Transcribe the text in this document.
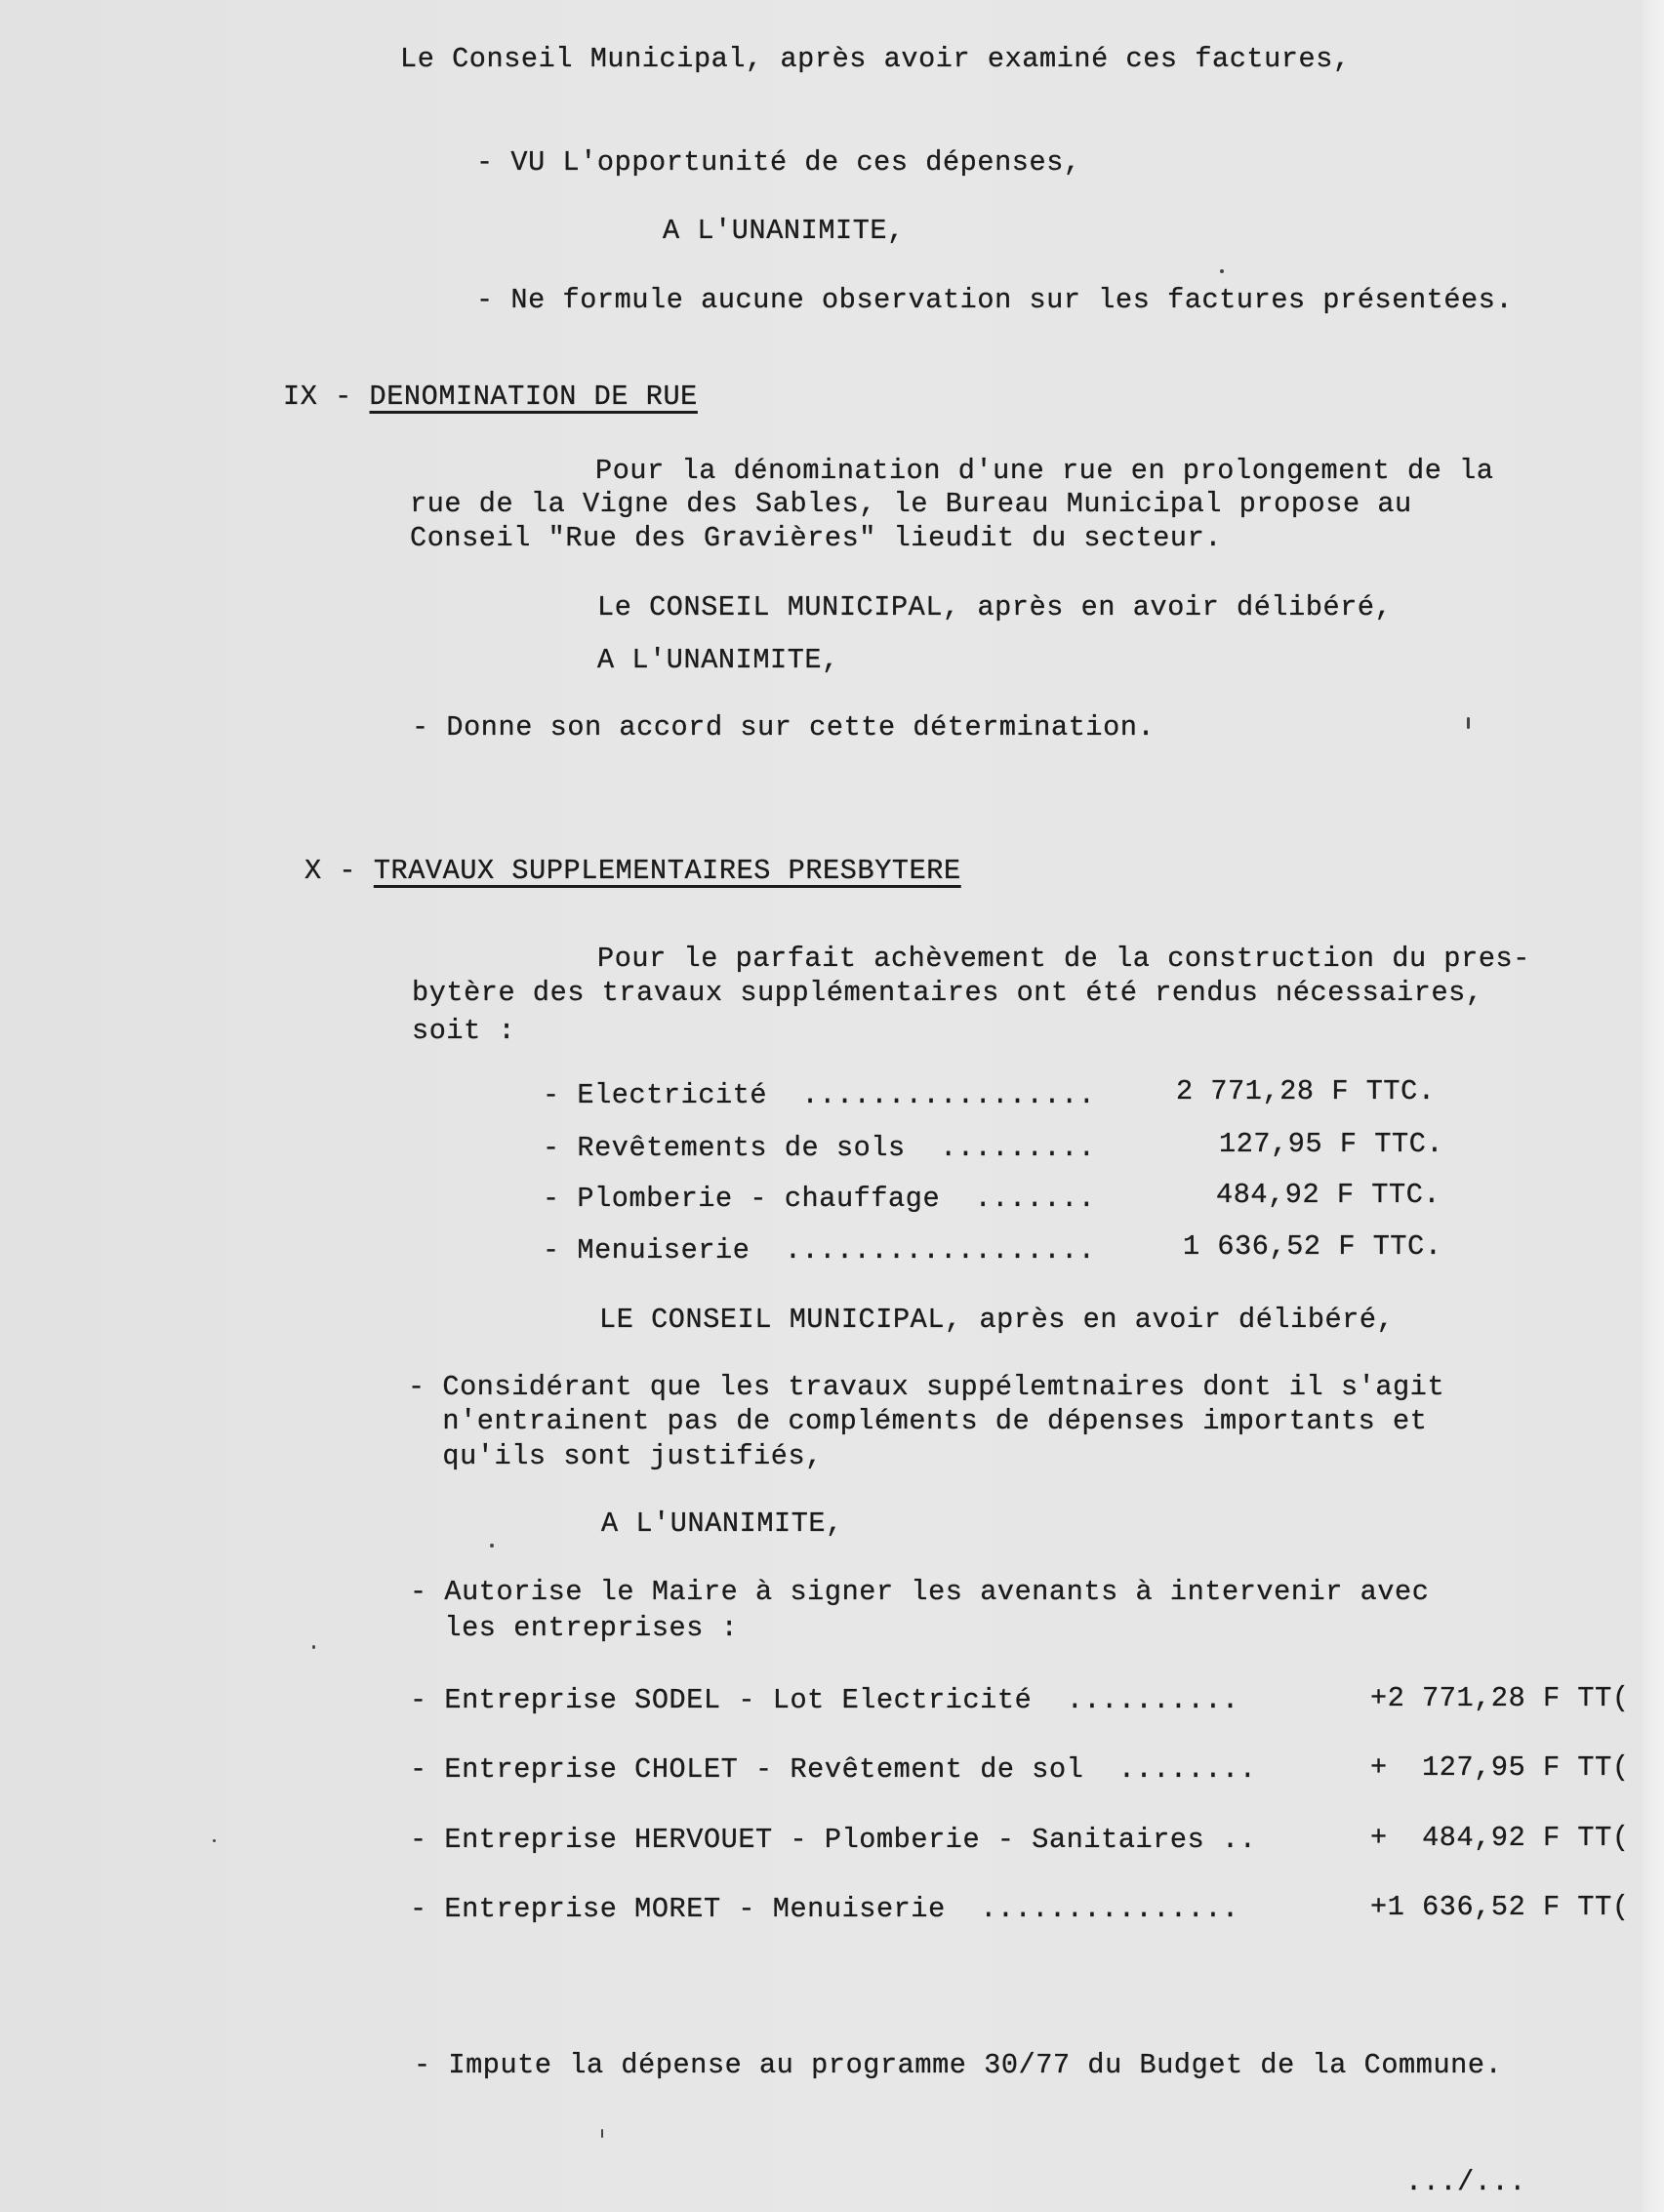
Le Conseil Municipal, après avoir examiné ces factures,
- VU L'opportunité de ces dépenses,
A L'UNANIMITE,
- Ne formule aucune observation sur les factures présentées.
IX - DENOMINATION DE RUE
Pour la dénomination d'une rue en prolongement de la
rue de la Vigne des Sables, le Bureau Municipal propose au
Conseil "Rue des Gravières" lieudit du secteur.
Le CONSEIL MUNICIPAL, après en avoir délibéré,
A L'UNANIMITE,
- Donne son accord sur cette détermination.
X - TRAVAUX SUPPLEMENTAIRES PRESBYTERE
Pour le parfait achèvement de la construction du pres-
bytère des travaux supplémentaires ont été rendus nécessaires,
soit :
- Electricité  .................	2 771,28 F TTC.
- Revêtements de sols  .........	127,95 F TTC.
- Plomberie - chauffage  .......	484,92 F TTC.
- Menuiserie  ..................	1 636,52 F TTC.
LE CONSEIL MUNICIPAL, après en avoir délibéré,
- Considérant que les travaux suppélemtnaires dont il s'agit
n'entrainent pas de compléments de dépenses importants et
qu'ils sont justifiés,
A L'UNANIMITE,
- Autorise le Maire à signer les avenants à intervenir avec
les entreprises :
- Entreprise SODEL - Lot Electricité  ..........	+2 771,28 F TT(
- Entreprise CHOLET - Revêtement de sol  ........	+  127,95 F TT(
- Entreprise HERVOUET - Plomberie - Sanitaires ..	+  484,92 F TT(
- Entreprise MORET - Menuiserie  ...............	+1 636,52 F TT(
- Impute la dépense au programme 30/77 du Budget de la Commune.
.../...
